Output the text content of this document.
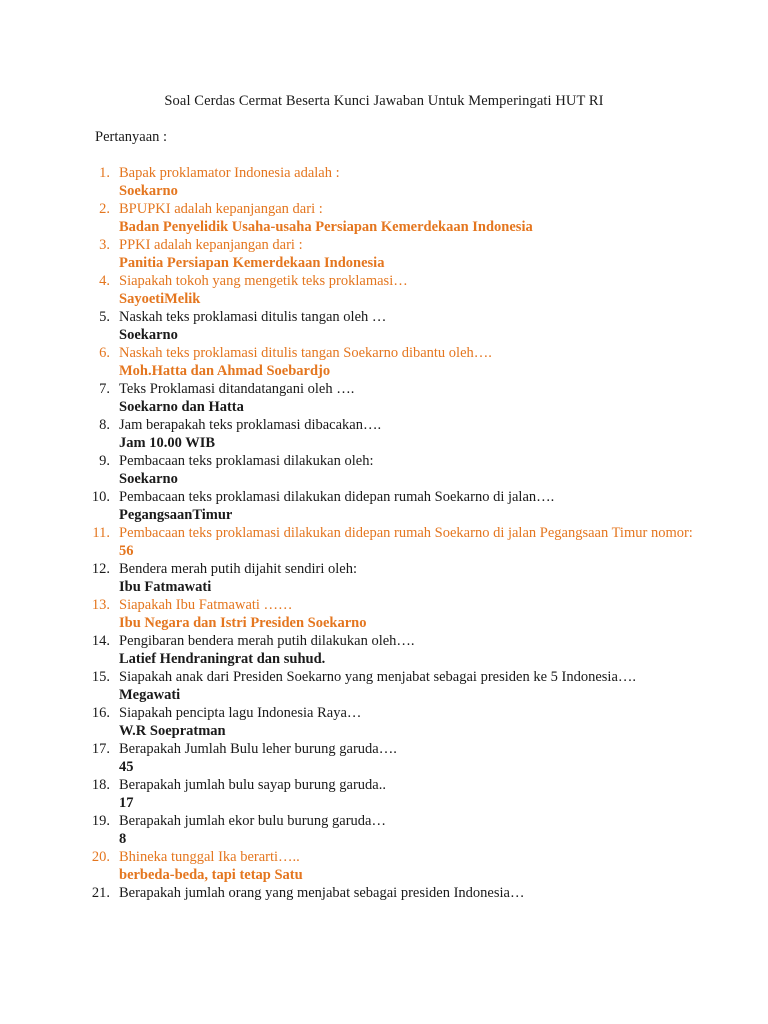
Soal Cerdas Cermat Beserta Kunci Jawaban Untuk Memperingati HUT RI
Pertanyaan :
1. Bapak proklamator Indonesia adalah :
Soekarno
2. BPUPKI adalah kepanjangan dari :
Badan Penyelidik Usaha-usaha Persiapan Kemerdekaan Indonesia
3. PPKI adalah kepanjangan dari :
Panitia Persiapan Kemerdekaan Indonesia
4. Siapakah tokoh yang mengetik teks proklamasi…
SayoetiMelik
5. Naskah teks proklamasi ditulis tangan oleh …
Soekarno
6. Naskah teks proklamasi ditulis tangan Soekarno dibantu oleh….
Moh.Hatta dan Ahmad Soebardjo
7. Teks Proklamasi ditandatangani oleh ….
Soekarno dan Hatta
8. Jam berapakah teks proklamasi dibacakan….
Jam 10.00 WIB
9. Pembacaan teks proklamasi dilakukan oleh:
Soekarno
10. Pembacaan teks proklamasi dilakukan didepan rumah Soekarno di jalan….
PegangsaanTimur
11. Pembacaan teks proklamasi dilakukan didepan rumah Soekarno di jalan Pegangsaan Timur nomor:
56
12. Bendera merah putih dijahit sendiri oleh:
Ibu Fatmawati
13. Siapakah Ibu Fatmawati ……
Ibu Negara dan Istri Presiden Soekarno
14. Pengibaran bendera merah putih dilakukan oleh….
Latief Hendraningrat dan suhud.
15. Siapakah anak dari Presiden Soekarno yang menjabat sebagai presiden ke 5 Indonesia….
Megawati
16. Siapakah pencipta lagu Indonesia Raya…
W.R Soepratman
17. Berapakah Jumlah Bulu leher burung garuda….
45
18. Berapakah jumlah bulu sayap burung garuda..
17
19. Berapakah jumlah ekor bulu burung garuda…
8
20. Bhineka tunggal Ika berarti…..
berbeda-beda, tapi tetap Satu
21. Berapakah jumlah orang yang menjabat sebagai presiden Indonesia…
